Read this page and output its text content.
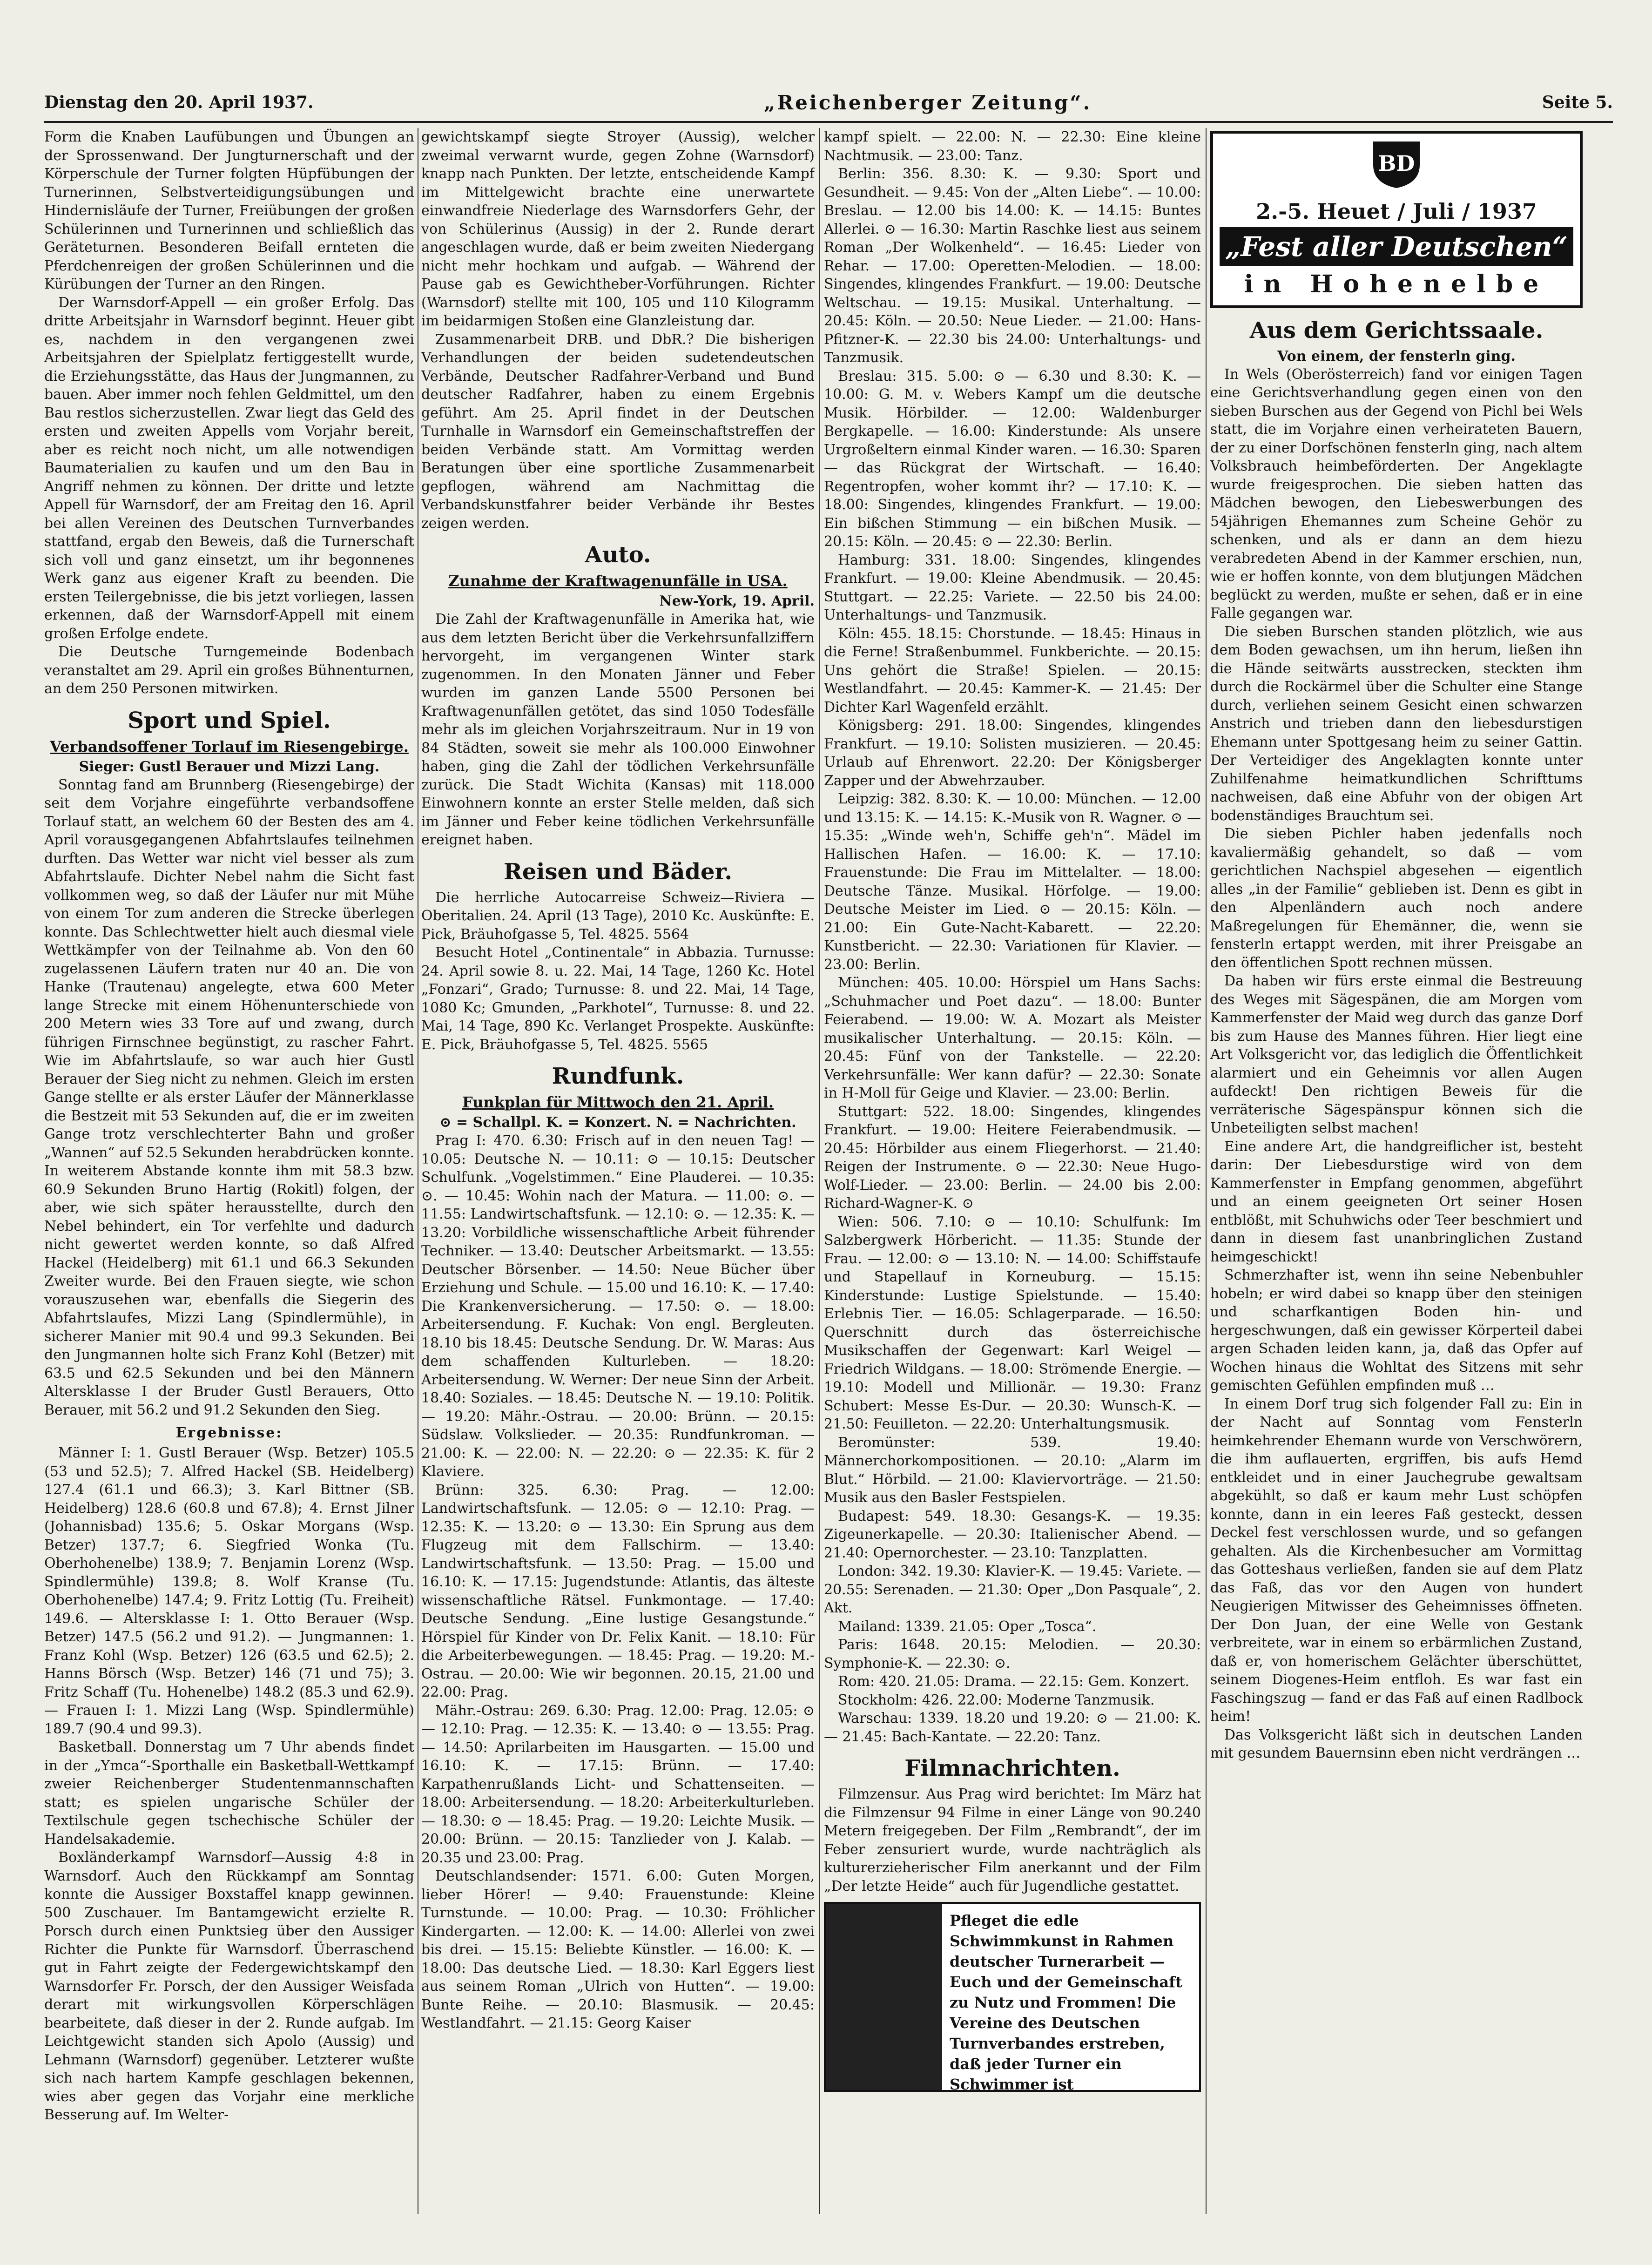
Dienstag den 20. April 1937.	„Reichenberger Zeitung“.	Seite 5.

Form die Knaben Laufübungen und Übungen an der Sprossenwand. Der Jungturnerschaft und der Körperschule der Turner folgten Hüpfübungen der Turnerinnen, Selbstverteidigungsübungen und Hindernisläufe der Turner, Freiübungen der großen Schülerinnen und Turnerinnen und schließlich das Geräteturnen. Besonderen Beifall ernteten die Pferdchenreigen der großen Schülerinnen und die Kürübungen der Turner an den Ringen.

Der Warnsdorf-Appell — ein großer Erfolg. Das dritte Arbeitsjahr in Warnsdorf beginnt. Heuer gibt es, nachdem in den vergangenen zwei Arbeitsjahren der Spielplatz fertiggestellt wurde, die Erziehungsstätte, das Haus der Jungmannen, zu bauen. Aber immer noch fehlen Geldmittel, um den Bau restlos sicherzustellen. Zwar liegt das Geld des ersten und zweiten Appells vom Vorjahr bereit, aber es reicht noch nicht, um alle notwendigen Baumaterialien zu kaufen und um den Bau in Angriff nehmen zu können. Der dritte und letzte Appell für Warnsdorf, der am Freitag den 16. April bei allen Vereinen des Deutschen Turnverbandes stattfand, ergab den Beweis, daß die Turnerschaft sich voll und ganz einsetzt, um ihr begonnenes Werk ganz aus eigener Kraft zu beenden. Die ersten Teilergebnisse, die bis jetzt vorliegen, lassen erkennen, daß der Warnsdorf-Appell mit einem großen Erfolge endete.

Die Deutsche Turngemeinde Bodenbach veranstaltet am 29. April ein großes Bühnenturnen, an dem 250 Personen mitwirken.

Sport und Spiel.
Verbandsoffener Torlauf im Riesengebirge.
Sieger: Gustl Berauer und Mizzi Lang.

Sonntag fand am Brunnberg (Riesengebirge) der seit dem Vorjahre eingeführte verbandsoffene Torlauf statt, an welchem 60 der Besten des am 4. April vorausgegangenen Abfahrtslaufes teilnehmen durften. Das Wetter war nicht viel besser als zum Abfahrtslaufe. Dichter Nebel nahm die Sicht fast vollkommen weg, so daß der Läufer nur mit Mühe von einem Tor zum anderen die Strecke überlegen konnte. Das Schlechtwetter hielt auch diesmal viele Wettkämpfer von der Teilnahme ab. Von den 60 zugelassenen Läufern traten nur 40 an. Die von Hanke (Trautenau) angelegte, etwa 600 Meter lange Strecke mit einem Höhenunterschiede von 200 Metern wies 33 Tore auf und zwang, durch führigen Firnschnee begünstigt, zu rascher Fahrt. Wie im Abfahrtslaufe, so war auch hier Gustl Berauer der Sieg nicht zu nehmen. Gleich im ersten Gange stellte er als erster Läufer der Männerklasse die Bestzeit mit 53 Sekunden auf, die er im zweiten Gange trotz verschlechterter Bahn und großer „Wannen“ auf 52.5 Sekunden herabdrücken konnte. In weiterem Abstande konnte ihm mit 58.3 bzw. 60.9 Sekunden Bruno Hartig (Rokitl) folgen, der aber, wie sich später herausstellte, durch den Nebel behindert, ein Tor verfehlte und dadurch nicht gewertet werden konnte, so daß Alfred Hackel (Heidelberg) mit 61.1 und 66.3 Sekunden Zweiter wurde. Bei den Frauen siegte, wie schon vorauszusehen war, ebenfalls die Siegerin des Abfahrtslaufes, Mizzi Lang (Spindlermühle), in sicherer Manier mit 90.4 und 99.3 Sekunden. Bei den Jungmannen holte sich Franz Kohl (Betzer) mit 63.5 und 62.5 Sekunden und bei den Männern Altersklasse I der Bruder Gustl Berauers, Otto Berauer, mit 56.2 und 91.2 Sekunden den Sieg.

Ergebnisse:

Männer I: 1. Gustl Berauer (Wsp. Betzer) 105.5 (53 und 52.5); 7. Alfred Hackel (SB. Heidelberg) 127.4 (61.1 und 66.3); 3. Karl Bittner (SB. Heidelberg) 128.6 (60.8 und 67.8); 4. Ernst Jilner (Johannisbad) 135.6; 5. Oskar Morgans (Wsp. Betzer) 137.7; 6. Siegfried Wonka (Tu. Oberhohenelbe) 138.9; 7. Benjamin Lorenz (Wsp. Spindlermühle) 139.8; 8. Wolf Kranse (Tu. Oberhohenelbe) 147.4; 9. Fritz Lottig (Tu. Freiheit) 149.6. — Altersklasse I: 1. Otto Berauer (Wsp. Betzer) 147.5 (56.2 und 91.2). — Jungmannen: 1. Franz Kohl (Wsp. Betzer) 126 (63.5 und 62.5); 2. Hanns Börsch (Wsp. Betzer) 146 (71 und 75); 3. Fritz Schaff (Tu. Hohenelbe) 148.2 (85.3 und 62.9). — Frauen I: 1. Mizzi Lang (Wsp. Spindlermühle) 189.7 (90.4 und 99.3).

Basketball. Donnerstag um 7 Uhr abends findet in der „Ymca“-Sporthalle ein Basketball-Wettkampf zweier Reichenberger Studentenmannschaften statt; es spielen ungarische Schüler der Textilschule gegen tschechische Schüler der Handelsakademie.

Boxländerkampf Warnsdorf—Aussig 4:8 in Warnsdorf. Auch den Rückkampf am Sonntag konnte die Aussiger Boxstaffel knapp gewinnen. 500 Zuschauer. Im Bantamgewicht erzielte R. Porsch durch einen Punktsieg über den Aussiger Richter die Punkte für Warnsdorf. Überraschend gut in Fahrt zeigte der Federgewichtskampf den Warnsdorfer Fr. Porsch, der den Aussiger Weisfada derart mit wirkungsvollen Körperschlägen bearbeitete, daß dieser in der 2. Runde aufgab. Im Leichtgewicht standen sich Apolo (Aussig) und Lehmann (Warnsdorf) gegenüber. Letzterer wußte sich nach hartem Kampfe geschlagen bekennen, wies aber gegen das Vorjahr eine merkliche Besserung auf. Im Welter-

gewichtskampf siegte Stroyer (Aussig), welcher zweimal verwarnt wurde, gegen Zohne (Warnsdorf) knapp nach Punkten. Der letzte, entscheidende Kampf im Mittelgewicht brachte eine unerwartete einwandfreie Niederlage des Warnsdorfers Gehr, der von Schülerinus (Aussig) in der 2. Runde derart angeschlagen wurde, daß er beim zweiten Niedergang nicht mehr hochkam und aufgab. — Während der Pause gab es Gewichtheber-Vorführungen. Richter (Warnsdorf) stellte mit 100, 105 und 110 Kilogramm im beidarmigen Stoßen eine Glanzleistung dar.

Zusammenarbeit DRB. und DbR.? Die bisherigen Verhandlungen der beiden sudetendeutschen Verbände, Deutscher Radfahrer-Verband und Bund deutscher Radfahrer, haben zu einem Ergebnis geführt. Am 25. April findet in der Deutschen Turnhalle in Warnsdorf ein Gemeinschaftstreffen der beiden Verbände statt. Am Vormittag werden Beratungen über eine sportliche Zusammenarbeit gepflogen, während am Nachmittag die Verbandskunstfahrer beider Verbände ihr Bestes zeigen werden.

Auto.
Zunahme der Kraftwagenunfälle in USA.
New-York, 19. April.

Die Zahl der Kraftwagenunfälle in Amerika hat, wie aus dem letzten Bericht über die Verkehrsunfallziffern hervorgeht, im vergangenen Winter stark zugenommen. In den Monaten Jänner und Feber wurden im ganzen Lande 5500 Personen bei Kraftwagenunfällen getötet, das sind 1050 Todesfälle mehr als im gleichen Vorjahrszeitraum. Nur in 19 von 84 Städten, soweit sie mehr als 100.000 Einwohner haben, ging die Zahl der tödlichen Verkehrsunfälle zurück. Die Stadt Wichita (Kansas) mit 118.000 Einwohnern konnte an erster Stelle melden, daß sich im Jänner und Feber keine tödlichen Verkehrsunfälle ereignet haben.

Reisen und Bäder.

Die herrliche Autocarreise Schweiz—Riviera —Oberitalien. 24. April (13 Tage), 2010 Kc. Auskünfte: E. Pick, Bräuhofgasse 5, Tel. 4825. 5564

Besucht Hotel „Continentale“ in Abbazia. Turnusse: 24. April sowie 8. u. 22. Mai, 14 Tage, 1260 Kc. Hotel „Fonzari“, Grado; Turnusse: 8. und 22. Mai, 14 Tage, 1080 Kc; Gmunden, „Parkhotel“, Turnusse: 8. und 22. Mai, 14 Tage, 890 Kc. Verlanget Prospekte. Auskünfte: E. Pick, Bräuhofgasse 5, Tel. 4825. 5565

Rundfunk.
Funkplan für Mittwoch den 21. April.
⊙ = Schallpl. K. = Konzert. N. = Nachrichten.

Prag I: 470. 6.30: Frisch auf in den neuen Tag! — 10.05: Deutsche N. — 10.11: ⊙ — 10.15: Deutscher Schulfunk. „Vogelstimmen.“ Eine Plauderei. — 10.35: ⊙. — 10.45: Wohin nach der Matura. — 11.00: ⊙. — 11.55: Landwirtschaftsfunk. — 12.10: ⊙. — 12.35: K. — 13.20: Vorbildliche wissenschaftliche Arbeit führender Techniker. — 13.40: Deutscher Arbeitsmarkt. — 13.55: Deutscher Börsenber. — 14.50: Neue Bücher über Erziehung und Schule. — 15.00 und 16.10: K. — 17.40: Die Krankenversicherung. — 17.50: ⊙. — 18.00: Arbeitersendung. F. Kuchak: Von engl. Bergleuten. 18.10 bis 18.45: Deutsche Sendung. Dr. W. Maras: Aus dem schaffenden Kulturleben. — 18.20: Arbeitersendung. W. Werner: Der neue Sinn der Arbeit. 18.40: Soziales. — 18.45: Deutsche N. — 19.10: Politik. — 19.20: Mähr.-Ostrau. — 20.00: Brünn. — 20.15: Südslaw. Volkslieder. — 20.35: Rundfunkroman. — 21.00: K. — 22.00: N. — 22.20: ⊙ — 22.35: K. für 2 Klaviere.

Brünn: 325. 6.30: Prag. — 12.00: Landwirtschaftsfunk. — 12.05: ⊙ — 12.10: Prag. — 12.35: K. — 13.20: ⊙ — 13.30: Ein Sprung aus dem Flugzeug mit dem Fallschirm. — 13.40: Landwirtschaftsfunk. — 13.50: Prag. — 15.00 und 16.10: K. — 17.15: Jugendstunde: Atlantis, das älteste wissenschaftliche Rätsel. Funkmontage. — 17.40: Deutsche Sendung. „Eine lustige Gesangstunde.“ Hörspiel für Kinder von Dr. Felix Kanit. — 18.10: Für die Arbeiterbewegungen. — 18.45: Prag. — 19.20: M.-Ostrau. — 20.00: Wie wir begonnen. 20.15, 21.00 und 22.00: Prag.

Mähr.-Ostrau: 269. 6.30: Prag. 12.00: Prag. 12.05: ⊙ — 12.10: Prag. — 12.35: K. — 13.40: ⊙ — 13.55: Prag. — 14.50: Aprilarbeiten im Hausgarten. — 15.00 und 16.10: K. — 17.15: Brünn. — 17.40: Karpathenrußlands Licht- und Schattenseiten. — 18.00: Arbeitersendung. — 18.20: Arbeiterkulturleben. — 18.30: ⊙ — 18.45: Prag. — 19.20: Leichte Musik. — 20.00: Brünn. — 20.15: Tanzlieder von J. Kalab. — 20.35 und 23.00: Prag.

Deutschlandsender: 1571. 6.00: Guten Morgen, lieber Hörer! — 9.40: Frauenstunde: Kleine Turnstunde. — 10.00: Prag. — 10.30: Fröhlicher Kindergarten. — 12.00: K. — 14.00: Allerlei von zwei bis drei. — 15.15: Beliebte Künstler. — 16.00: K. — 18.00: Das deutsche Lied. — 18.30: Karl Eggers liest aus seinem Roman „Ulrich von Hutten“. — 19.00: Bunte Reihe. — 20.10: Blasmusik. — 20.45: Westlandfahrt. — 21.15: Georg Kaiser

kampf spielt. — 22.00: N. — 22.30: Eine kleine Nachtmusik. — 23.00: Tanz.

Berlin: 356. 8.30: K. — 9.30: Sport und Gesundheit. — 9.45: Von der „Alten Liebe“. — 10.00: Breslau. — 12.00 bis 14.00: K. — 14.15: Buntes Allerlei. ⊙ — 16.30: Martin Raschke liest aus seinem Roman „Der Wolkenheld“. — 16.45: Lieder von Rehar. — 17.00: Operetten-Melodien. — 18.00: Singendes, klingendes Frankfurt. — 19.00: Deutsche Weltschau. — 19.15: Musikal. Unterhaltung. — 20.45: Köln. — 20.50: Neue Lieder. — 21.00: Hans-Pfitzner-K. — 22.30 bis 24.00: Unterhaltungs- und Tanzmusik.

Breslau: 315. 5.00: ⊙ — 6.30 und 8.30: K. — 10.00: G. M. v. Webers Kampf um die deutsche Musik. Hörbilder. — 12.00: Waldenburger Bergkapelle. — 16.00: Kinderstunde: Als unsere Urgroßeltern einmal Kinder waren. — 16.30: Sparen — das Rückgrat der Wirtschaft. — 16.40: Regentropfen, woher kommt ihr? — 17.10: K. — 18.00: Singendes, klingendes Frankfurt. — 19.00: Ein bißchen Stimmung — ein bißchen Musik. — 20.15: Köln. — 20.45: ⊙ — 22.30: Berlin.

Hamburg: 331. 18.00: Singendes, klingendes Frankfurt. — 19.00: Kleine Abendmusik. — 20.45: Stuttgart. — 22.25: Variete. — 22.50 bis 24.00: Unterhaltungs- und Tanzmusik.

Köln: 455. 18.15: Chorstunde. — 18.45: Hinaus in die Ferne! Straßenbummel. Funkberichte. — 20.15: Uns gehört die Straße! Spielen. — 20.15: Westlandfahrt. — 20.45: Kammer-K. — 21.45: Der Dichter Karl Wagenfeld erzählt.

Königsberg: 291. 18.00: Singendes, klingendes Frankfurt. — 19.10: Solisten musizieren. — 20.45: Urlaub auf Ehrenwort. 22.20: Der Königsberger Zapper und der Abwehrzauber.

Leipzig: 382. 8.30: K. — 10.00: München. — 12.00 und 13.15: K. — 14.15: K.-Musik von R. Wagner. ⊙ — 15.35: „Winde weh'n, Schiffe geh'n“. Mädel im Hallischen Hafen. — 16.00: K. — 17.10: Frauenstunde: Die Frau im Mittelalter. — 18.00: Deutsche Tänze. Musikal. Hörfolge. — 19.00: Deutsche Meister im Lied. ⊙ — 20.15: Köln. — 21.00: Ein Gute-Nacht-Kabarett. — 22.20: Kunstbericht. — 22.30: Variationen für Klavier. — 23.00: Berlin.

München: 405. 10.00: Hörspiel um Hans Sachs: „Schuhmacher und Poet dazu“. — 18.00: Bunter Feierabend. — 19.00: W. A. Mozart als Meister musikalischer Unterhaltung. — 20.15: Köln. — 20.45: Fünf von der Tankstelle. — 22.20: Verkehrsunfälle: Wer kann dafür? — 22.30: Sonate in H-Moll für Geige und Klavier. — 23.00: Berlin.

Stuttgart: 522. 18.00: Singendes, klingendes Frankfurt. — 19.00: Heitere Feierabendmusik. — 20.45: Hörbilder aus einem Fliegerhorst. — 21.40: Reigen der Instrumente. ⊙ — 22.30: Neue Hugo-Wolf-Lieder. — 23.00: Berlin. — 24.00 bis 2.00: Richard-Wagner-K. ⊙

Wien: 506. 7.10: ⊙ — 10.10: Schulfunk: Im Salzbergwerk Hörbericht. — 11.35: Stunde der Frau. — 12.00: ⊙ — 13.10: N. — 14.00: Schiffstaufe und Stapellauf in Korneuburg. — 15.15: Kinderstunde: Lustige Spielstunde. — 15.40: Erlebnis Tier. — 16.05: Schlagerparade. — 16.50: Querschnitt durch das österreichische Musikschaffen der Gegenwart: Karl Weigel — Friedrich Wildgans. — 18.00: Strömende Energie. — 19.10: Modell und Millionär. — 19.30: Franz Schubert: Messe Es-Dur. — 20.30: Wunsch-K. — 21.50: Feuilleton. — 22.20: Unterhaltungsmusik.

Beromünster: 539. 19.40: Männerchorkompositionen. — 20.10: „Alarm im Blut.“ Hörbild. — 21.00: Klaviervorträge. — 21.50: Musik aus den Basler Festspielen.

Budapest: 549. 18.30: Gesangs-K. — 19.35: Zigeunerkapelle. — 20.30: Italienischer Abend. — 21.40: Opernorchester. — 23.10: Tanzplatten.

London: 342. 19.30: Klavier-K. — 19.45: Variete. — 20.55: Serenaden. — 21.30: Oper „Don Pasquale“, 2. Akt.

Mailand: 1339. 21.05: Oper „Tosca“.

Paris: 1648. 20.15: Melodien. — 20.30: Symphonie-K. — 22.30: ⊙.

Rom: 420. 21.05: Drama. — 22.15: Gem. Konzert.

Stockholm: 426. 22.00: Moderne Tanzmusik.

Warschau: 1339. 18.20 und 19.20: ⊙ — 21.00: K. — 21.45: Bach-Kantate. — 22.20: Tanz.

Filmnachrichten.

Filmzensur. Aus Prag wird berichtet: Im März hat die Filmzensur 94 Filme in einer Länge von 90.240 Metern freigegeben. Der Film „Rembrandt“, der im Feber zensuriert wurde, wurde nachträglich als kulturerzieherischer Film anerkannt und der Film „Der letzte Heide“ auch für Jugendliche gestattet.

Pfleget die edle Schwimmkunst in Rahmen deutscher Turnerarbeit — Euch und der Gemeinschaft zu Nutz und Frommen! Die Vereine des Deutschen Turnverbandes erstreben, daß jeder Turner ein Schwimmer ist
BD
2.-5. Heuet / Juli / 1937
„Fest aller Deutschen“
in Hohenelbe
Aus dem Gerichtssaale.
Von einem, der fensterln ging.

In Wels (Oberösterreich) fand vor einigen Tagen eine Gerichtsverhandlung gegen einen von den sieben Burschen aus der Gegend von Pichl bei Wels statt, die im Vorjahre einen verheirateten Bauern, der zu einer Dorfschönen fensterln ging, nach altem Volksbrauch heimbeförderten. Der Angeklagte wurde freigesprochen. Die sieben hatten das Mädchen bewogen, den Liebeswerbungen des 54jährigen Ehemannes zum Scheine Gehör zu schenken, und als er dann an dem hiezu verabredeten Abend in der Kammer erschien, nun, wie er hoffen konnte, von dem blutjungen Mädchen beglückt zu werden, mußte er sehen, daß er in eine Falle gegangen war.

Die sieben Burschen standen plötzlich, wie aus dem Boden gewachsen, um ihn herum, ließen ihn die Hände seitwärts ausstrecken, steckten ihm durch die Rockärmel über die Schulter eine Stange durch, verliehen seinem Gesicht einen schwarzen Anstrich und trieben dann den liebesdurstigen Ehemann unter Spottgesang heim zu seiner Gattin. Der Verteidiger des Angeklagten konnte unter Zuhilfenahme heimatkundlichen Schrifttums nachweisen, daß eine Abfuhr von der obigen Art bodenständiges Brauchtum sei.

Die sieben Pichler haben jedenfalls noch kavaliermäßig gehandelt, so daß — vom gerichtlichen Nachspiel abgesehen — eigentlich alles „in der Familie“ geblieben ist. Denn es gibt in den Alpenländern auch noch andere Maßregelungen für Ehemänner, die, wenn sie fensterln ertappt werden, mit ihrer Preisgabe an den öffentlichen Spott rechnen müssen.

Da haben wir fürs erste einmal die Bestreuung des Weges mit Sägespänen, die am Morgen vom Kammerfenster der Maid weg durch das ganze Dorf bis zum Hause des Mannes führen. Hier liegt eine Art Volksgericht vor, das lediglich die Öffentlichkeit alarmiert und ein Geheimnis vor allen Augen aufdeckt! Den richtigen Beweis für die verräterische Sägespänspur können sich die Unbeteiligten selbst machen!

Eine andere Art, die handgreiflicher ist, besteht darin: Der Liebesdurstige wird von dem Kammerfenster in Empfang genommen, abgeführt und an einem geeigneten Ort seiner Hosen entblößt, mit Schuhwichs oder Teer beschmiert und dann in diesem fast unanbringlichen Zustand heimgeschickt!

Schmerzhafter ist, wenn ihn seine Nebenbuhler hobeln; er wird dabei so knapp über den steinigen und scharfkantigen Boden hin- und hergeschwungen, daß ein gewisser Körperteil dabei argen Schaden leiden kann, ja, daß das Opfer auf Wochen hinaus die Wohltat des Sitzens mit sehr gemischten Gefühlen empfinden muß …

In einem Dorf trug sich folgender Fall zu: Ein in der Nacht auf Sonntag vom Fensterln heimkehrender Ehemann wurde von Verschwörern, die ihm auflauerten, ergriffen, bis aufs Hemd entkleidet und in einer Jauchegrube gewaltsam abgekühlt, so daß er kaum mehr Lust schöpfen konnte, dann in ein leeres Faß gesteckt, dessen Deckel fest verschlossen wurde, und so gefangen gehalten. Als die Kirchenbesucher am Vormittag das Gotteshaus verließen, fanden sie auf dem Platz das Faß, das vor den Augen von hundert Neugierigen Mitwisser des Geheimnisses öffneten. Der Don Juan, der eine Welle von Gestank verbreitete, war in einem so erbärmlichen Zustand, daß er, von homerischem Gelächter überschüttet, seinem Diogenes-Heim entfloh. Es war fast ein Faschingszug — fand er das Faß auf einen Radlbock heim!

Das Volksgericht läßt sich in deutschen Landen mit gesundem Bauernsinn eben nicht verdrängen …
